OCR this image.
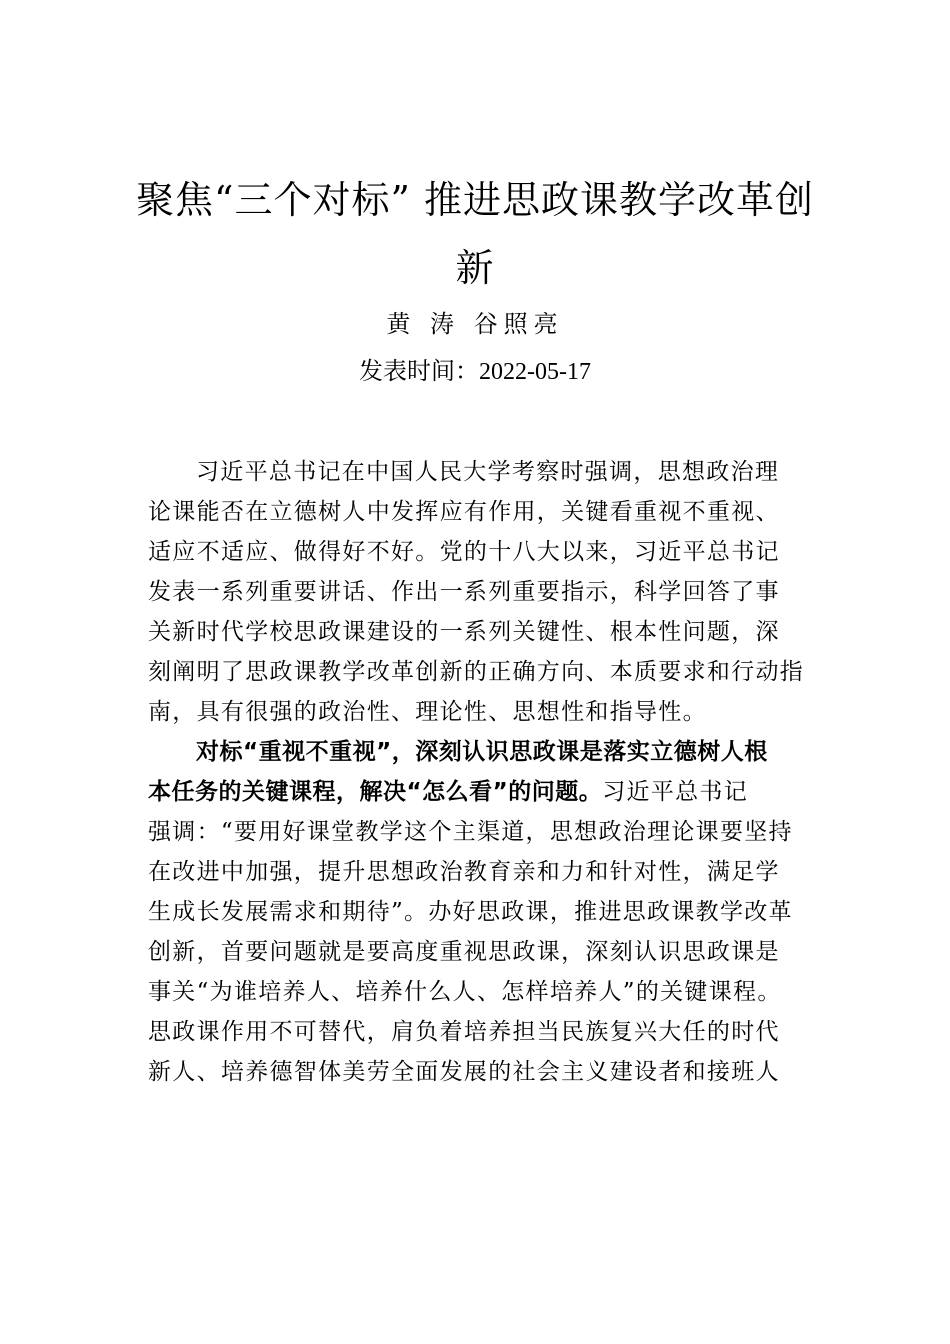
聚焦“三个对标” 推进思政课教学改革创
新
黄 涛 谷照亮
发表时间：2022-05-17
习近平总书记在中国人民大学考察时强调，思想政治理
论课能否在立德树人中发挥应有作用，关键看重视不重视、
适应不适应、做得好不好。党的十八大以来，习近平总书记
发表一系列重要讲话、作出一系列重要指示，科学回答了事
关新时代学校思政课建设的一系列关键性、根本性问题，深
刻阐明了思政课教学改革创新的正确方向、本质要求和行动指
南，具有很强的政治性、理论性、思想性和指导性。
对标“重视不重视”，深刻认识思政课是落实立德树人根
本任务的关键课程，解决“怎么看”的问题。习近平总书记
强调：“要用好课堂教学这个主渠道，思想政治理论课要坚持
在改进中加强，提升思想政治教育亲和力和针对性，满足学
生成长发展需求和期待”。办好思政课，推进思政课教学改革
创新，首要问题就是要高度重视思政课，深刻认识思政课是
事关“为谁培养人、培养什么人、怎样培养人”的关键课程。
思政课作用不可替代，肩负着培养担当民族复兴大任的时代
新人、培养德智体美劳全面发展的社会主义建设者和接班人
